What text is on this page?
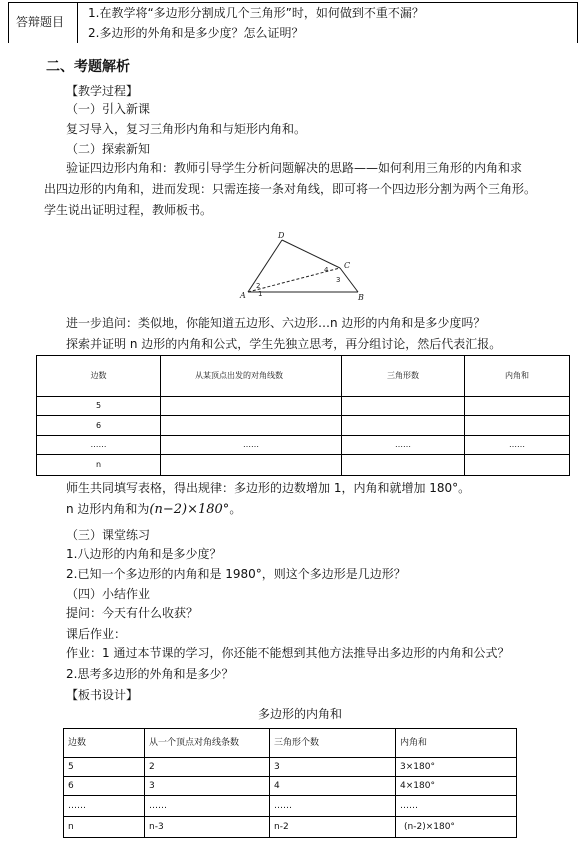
答辩题目
1.在教学将“多边形分割成几个三角形”时，如何做到不重不漏？
2.多边形的外角和是多少度？怎么证明？
二、考题解析
【教学过程】
（一）引入新课
复习导入，复习三角形内角和与矩形内角和。
（二）探索新知
验证四边形内角和：教师引导学生分析问题解决的思路——如何利用三角形的内角和求
出四边形的内角和，进而发现：只需连接一条对角线，即可将一个四边形分割为两个三角形。
学生说出证明过程，教师板书。
D
A	B
C
2
1
4
3
进一步追问：类似地，你能知道五边形、六边形…n 边形的内角和是多少度吗？
探索并证明 n 边形的内角和公式，学生先独立思考，再分组讨论，然后代表汇报。
边数	从某顶点出发的对角线数	三角形数	内角和
5			
6			
……	……	……	……
n			
师生共同填写表格，得出规律：多边形的边数增加 1，内角和就增加 180°。
n 边形内角和为(n−2)×180°。
（三）课堂练习
1.八边形的内角和是多少度？
2.已知一个多边形的内角和是 1980°，则这个多边形是几边形？
（四）小结作业
提问：今天有什么收获？
课后作业：
作业：1 通过本节课的学习，你还能不能想到其他方法推导出多边形的内角和公式？
2.思考多边形的外角和是多少？
【板书设计】
多边形的内角和
边数	从一个顶点对角线条数	三角形个数	内角和
5	2	3	3×180°
6	3	4	4×180°
……	……	……	……
n	n-3	n-2	(n-2)×180°
